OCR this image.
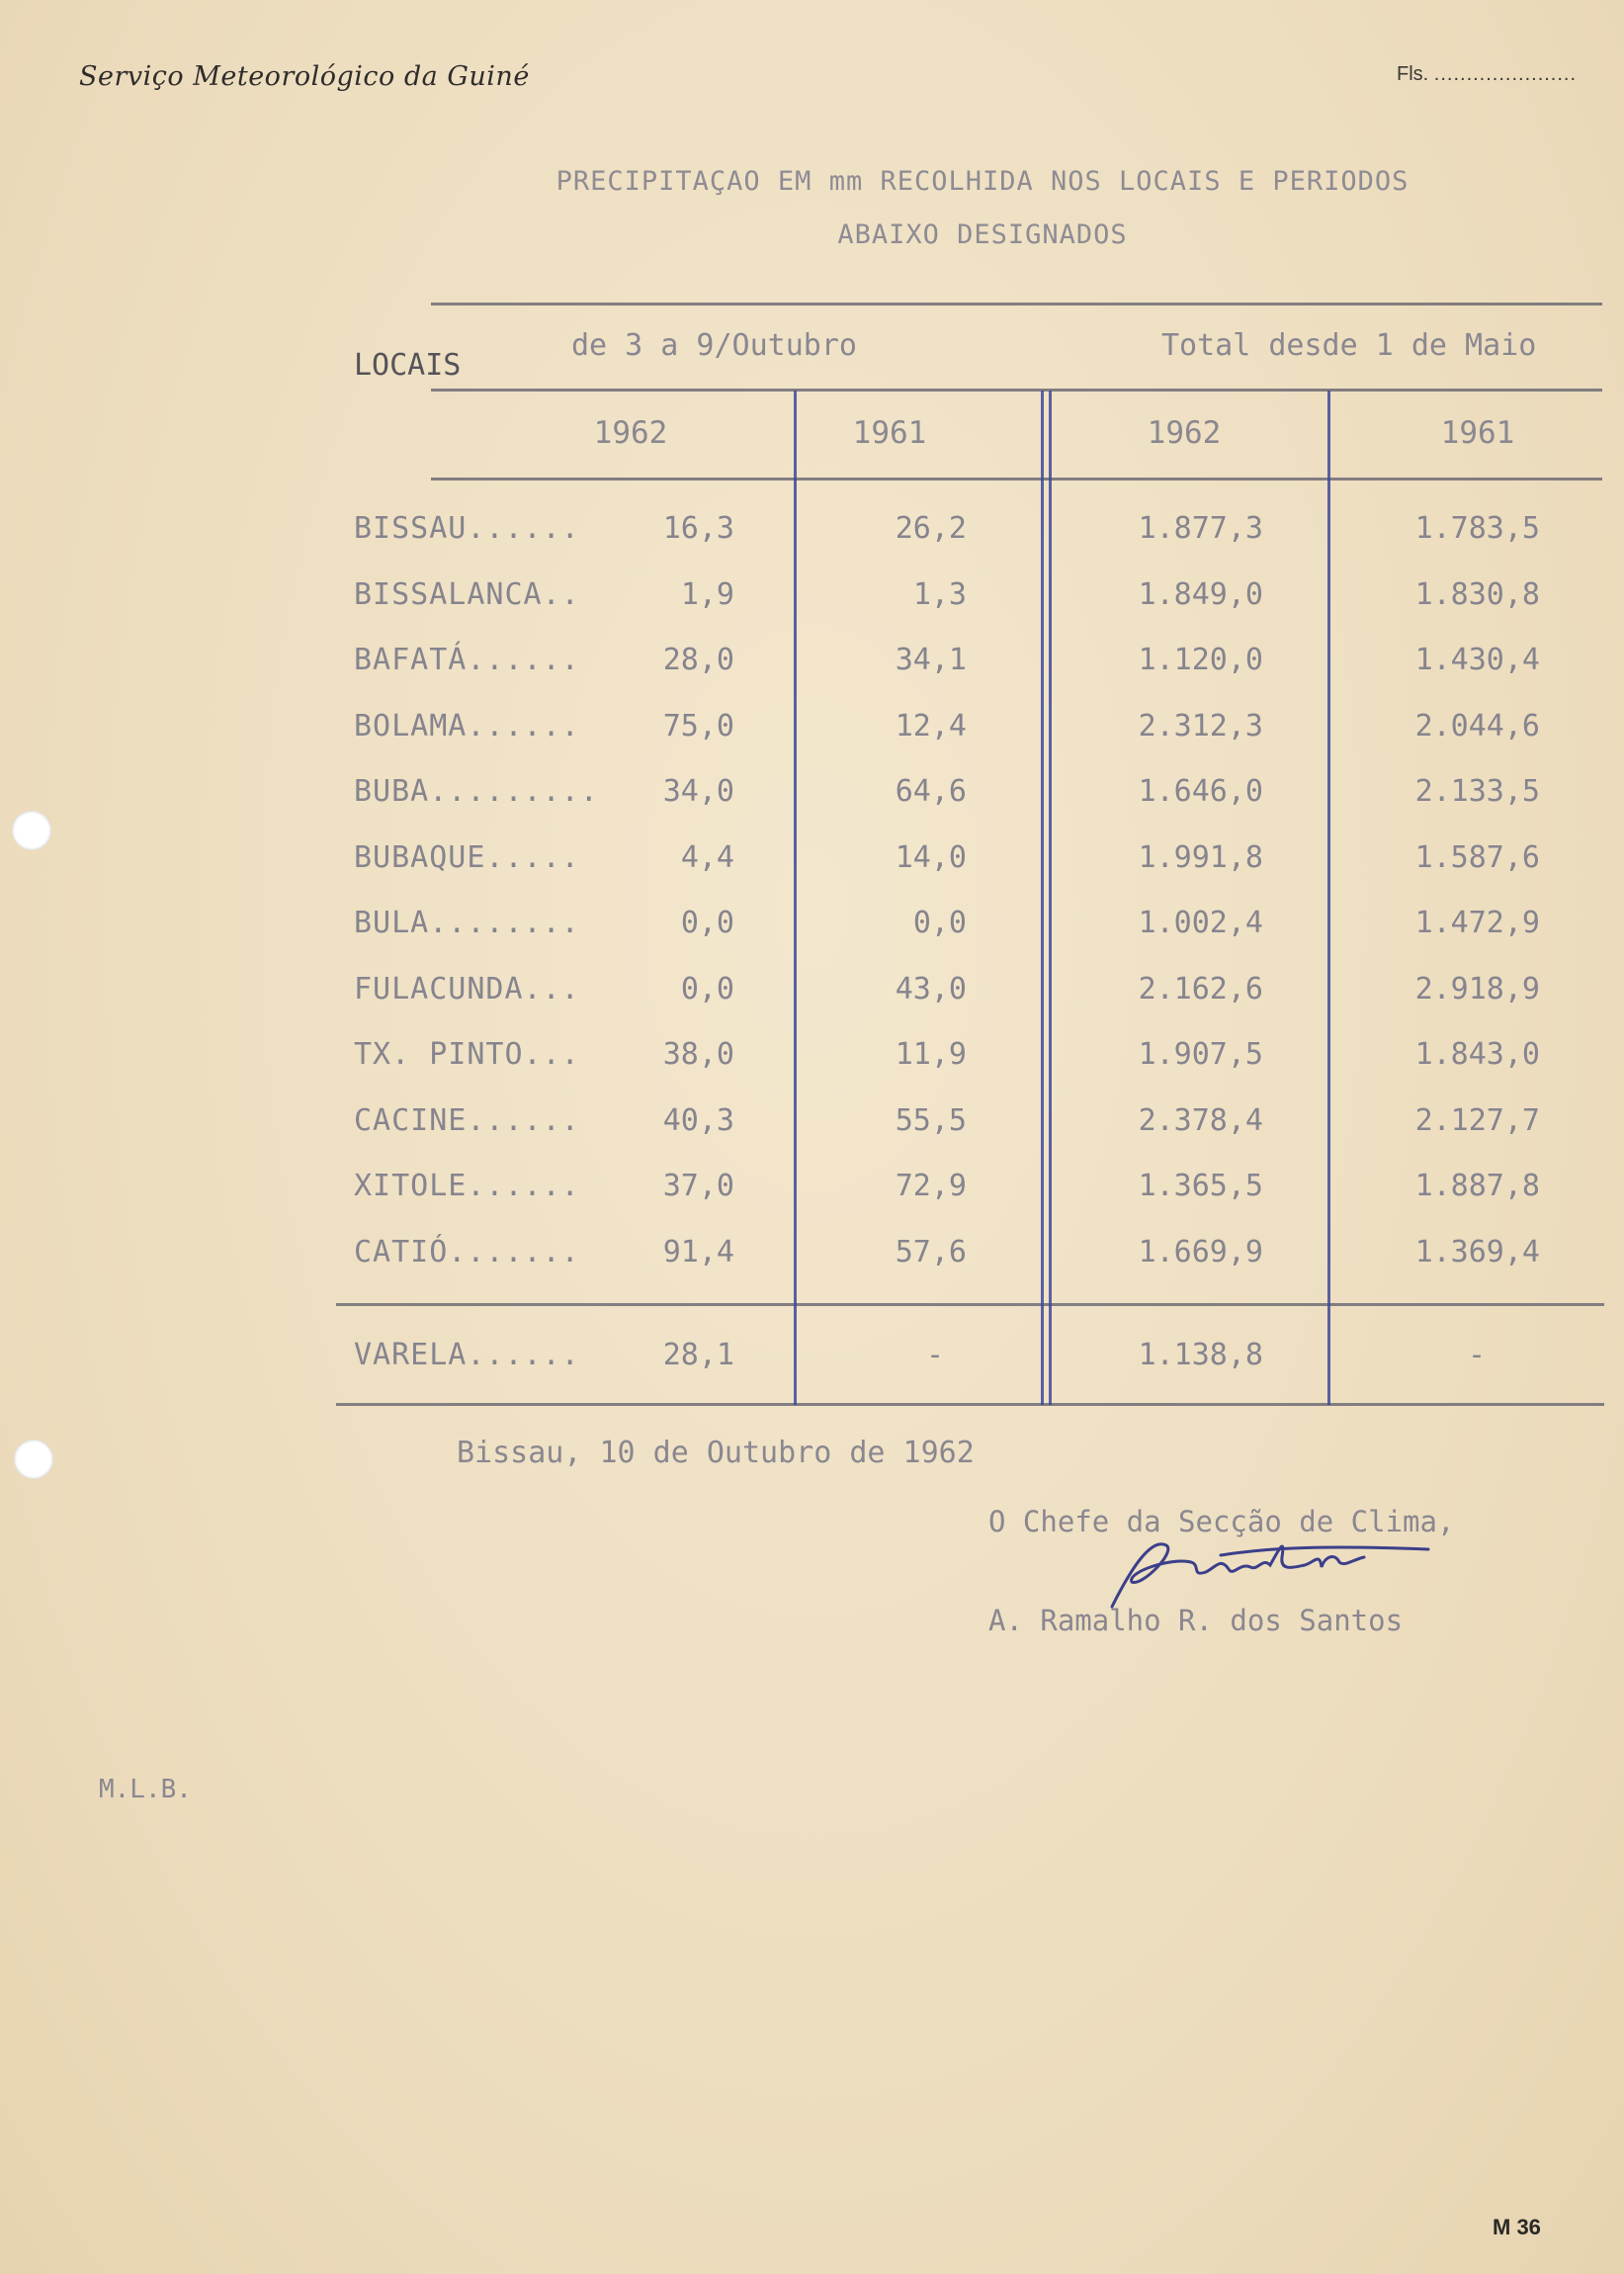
Serviço Meteorológico da Guiné	Fls. ......................
PRECIPITAÇAO EM mm RECOLHIDA NOS LOCAIS E PERIODOS
ABAIXO DESIGNADOS
LOCAIS
de 3 a 9/Outubro	Total desde 1 de Maio
1962	1961	1962	1961
BISSAU......	16,3	26,2	1.877,3	1.783,5
BISSALANCA..	1,9	1,3	1.849,0	1.830,8
BAFATÁ......	28,0	34,1	1.120,0	1.430,4
BOLAMA......	75,0	12,4	2.312,3	2.044,6
BUBA......... 34,0	64,6	1.646,0	2.133,5
BUBAQUE.....	4,4	14,0	1.991,8	1.587,6
BULA........	0,0	0,0	1.002,4	1.472,9
FULACUNDA...	0,0	43,0	2.162,6	2.918,9
TX. PINTO...	38,0	11,9	1.907,5	1.843,0
CACINE......	40,3	55,5	2.378,4	2.127,7
XITOLE......	37,0	72,9	1.365,5	1.887,8
CATIÓ.......	91,4	57,6	1.669,9	1.369,4
VARELA......	28,1	-	1.138,8	-
Bissau, 10 de Outubro de 1962
O Chefe da Secção de Clima,
A. Ramalho R. dos Santos
M.L.B.
M 36
